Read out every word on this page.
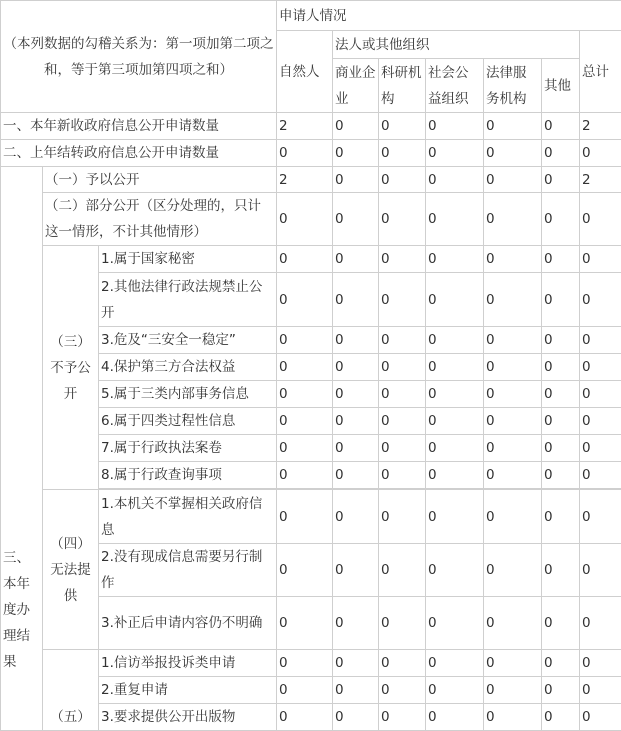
（本列数据的勾稽关系为：第一项加第二项之和，等于第三项加第四项之和）			申请人情况						
			自然人	法人或其他组织					总计
				商业企业	科研机构	社会公益组织	法律服务机构	其他	
一、本年新收政府信息公开申请数量			2	0	0	0	0	0	2
二、上年结转政府信息公开申请数量			0	0	0	0	0	0	0
三、本年度办理结果	（一）予以公开		2	0	0	0	0	0	2
	（二）部分公开（区分处理的，只计这一情形，不计其他情形）		0	0	0	0	0	0	0
	（三）不予公开	1.属于国家秘密	0	0	0	0	0	0	0
		2.其他法律行政法规禁止公开	0	0	0	0	0	0	0
		3.危及“三安全一稳定”	0	0	0	0	0	0	0
		4.保护第三方合法权益	0	0	0	0	0	0	0
		5.属于三类内部事务信息	0	0	0	0	0	0	0
		6.属于四类过程性信息	0	0	0	0	0	0	0
		7.属于行政执法案卷	0	0	0	0	0	0	0
		8.属于行政查询事项	0	0	0	0	0	0	0

	（四）无法提供	1.本机关不掌握相关政府信息	0	0	0	0	0	0	0
		2.没有现成信息需要另行制作	0	0	0	0	0	0	0
		3.补正后申请内容仍不明确	0	0	0	0	0	0	0
	（五）	1.信访举报投诉类申请	0	0	0	0	0	0	0
		2.重复申请	0	0	0	0	0	0	0
		3.要求提供公开出版物	0	0	0	0	0	0	0
